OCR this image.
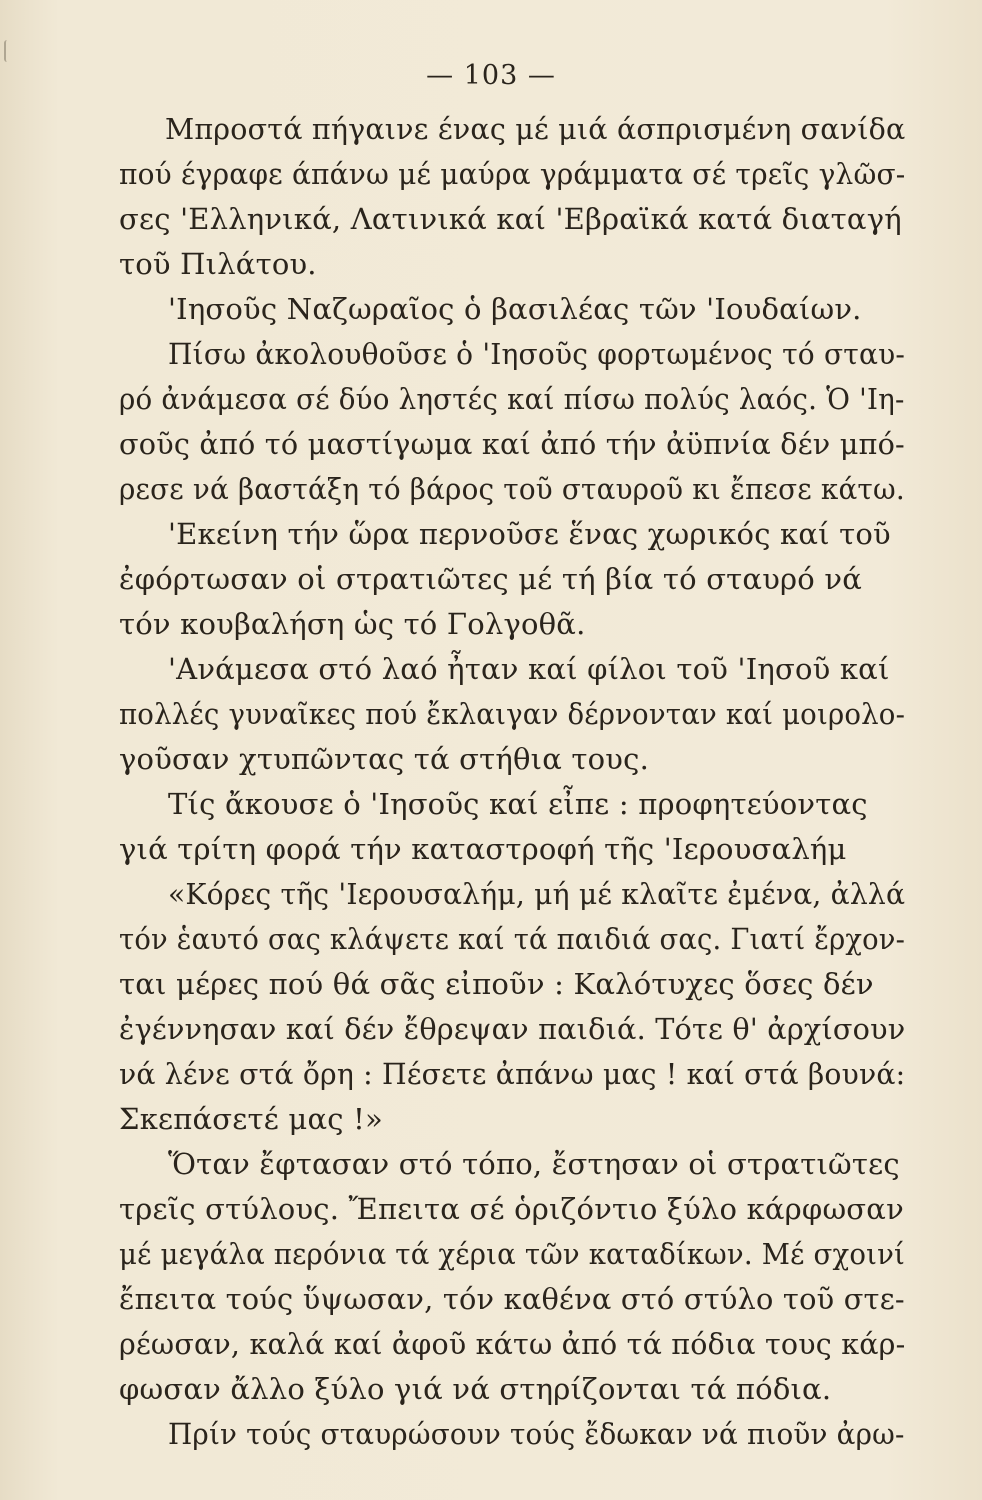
— 103 —
Μπροστά πήγαινε ένας μέ μιά άσπρισμένη σανίδα
πού έγραφε άπάνω μέ μαύρα γράμματα σέ τρεῖς γλῶσ-
σες 'Ελληνικά, Λατινικά καί 'Εβραϊκά κατά διαταγή
τοῦ Πιλάτου.
'Ιησοῦς Ναζωραῖος ὁ βασιλέας τῶν 'Ιουδαίων.
Πίσω ἀκολουθοῦσε ὁ 'Ιησοῦς φορτωμένος τό σταυ-
ρό ἀνάμεσα σέ δύο ληστές καί πίσω πολύς λαός. Ὁ 'Ιη-
σοῦς ἀπό τό μαστίγωμα καί ἀπό τήν ἀϋπνία δέν μπό-
ρεσε νά βαστάξη τό βάρος τοῦ σταυροῦ κι ἔπεσε κάτω.
'Εκείνη τήν ὥρα περνοῦσε ἕνας χωρικός καί τοῦ
ἐφόρτωσαν οἱ στρατιῶτες μέ τή βία τό σταυρό νά
τόν κουβαλήση ὡς τό Γολγοθᾶ.
'Ανάμεσα στό λαό ἦταν καί φίλοι τοῦ 'Ιησοῦ καί
πολλές γυναῖκες πού ἔκλαιγαν δέρνονταν καί μοιρολο-
γοῦσαν χτυπῶντας τά στήθια τους.
Τίς ἄκουσε ὁ 'Ιησοῦς καί εἶπε : προφητεύοντας
γιά τρίτη φορά τήν καταστροφή τῆς 'Ιερουσαλήμ
«Κόρες τῆς 'Ιερουσαλήμ, μή μέ κλαῖτε ἐμένα, ἀλλά
τόν ἑαυτό σας κλάψετε καί τά παιδιά σας. Γιατί ἔρχον-
ται μέρες πού θά σᾶς εἰποῦν : Καλότυχες ὅσες δέν
ἐγέννησαν καί δέν ἔθρεψαν παιδιά. Τότε θ' ἀρχίσουν
νά λένε στά ὄρη : Πέσετε ἀπάνω μας ! καί στά βουνά:
Σκεπάσετέ μας !»
Ὅταν ἔφτασαν στό τόπο, ἔστησαν οἱ στρατιῶτες
τρεῖς στύλους. Ἔπειτα σέ ὁριζόντιο ξύλο κάρφωσαν
μέ μεγάλα περόνια τά χέρια τῶν καταδίκων. Μέ σχοινί
ἔπειτα τούς ὕψωσαν, τόν καθένα στό στύλο τοῦ στε-
ρέωσαν, καλά καί ἀφοῦ κάτω ἀπό τά πόδια τους κάρ-
φωσαν ἄλλο ξύλο γιά νά στηρίζονται τά πόδια.
Πρίν τούς σταυρώσουν τούς ἔδωκαν νά πιοῦν ἀρω-
